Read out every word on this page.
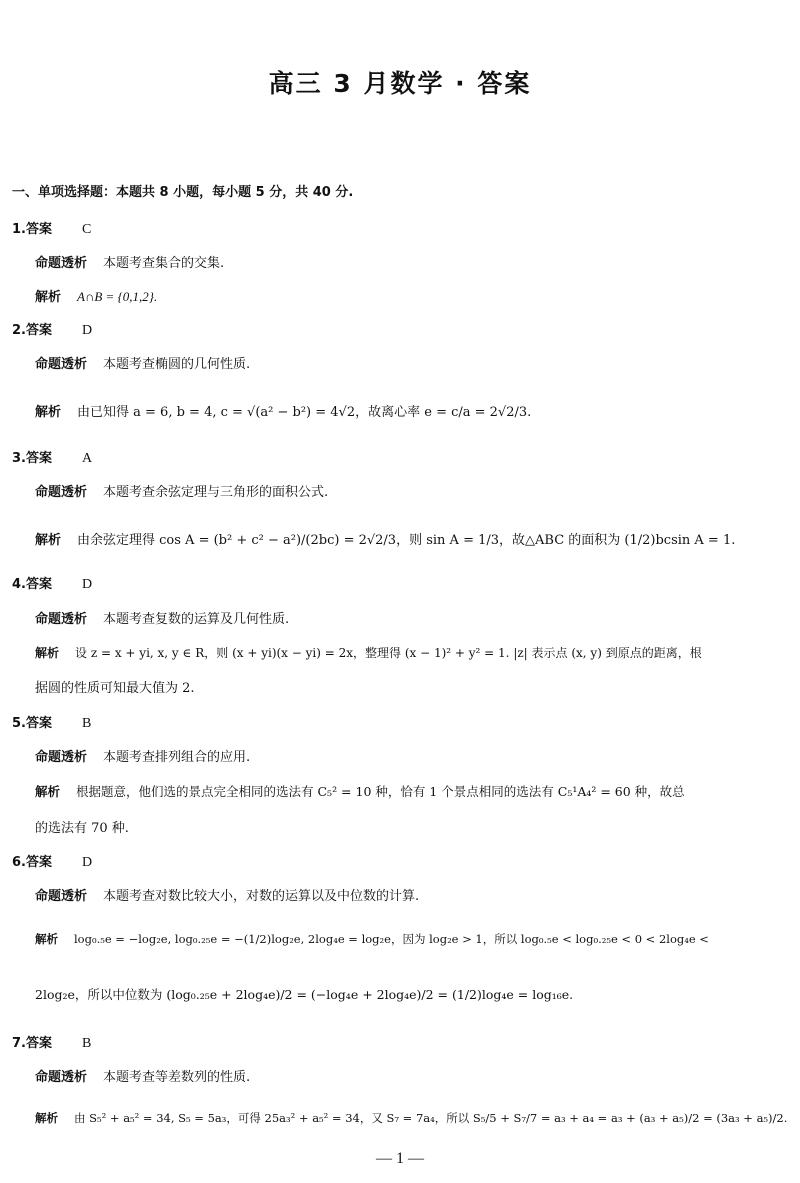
高三 3 月数学 · 答案
一、单项选择题：本题共 8 小题，每小题 5 分，共 40 分.
1.答案 C
命题透析 本题考查集合的交集.
解析 A∩B = {0,1,2}.
2.答案 D
命题透析 本题考查椭圆的几何性质.
解析 由已知得 a = 6, b = 4, c = √(a² − b²) = 4√2，故离心率 e = c/a = 2√2/3.
3.答案 A
命题透析 本题考查余弦定理与三角形的面积公式.
解析 由余弦定理得 cos A = (b² + c² − a²)/(2bc) = 2√2/3，则 sin A = 1/3，故△ABC 的面积为 (1/2)bcsin A = 1.
4.答案 D
命题透析 本题考查复数的运算及几何性质.
解析 设 z = x + yi, x, y ∈ R，则 (x + yi)(x − yi) = 2x，整理得 (x − 1)² + y² = 1. |z| 表示点 (x, y) 到原点的距离，根
据圆的性质可知最大值为 2.
5.答案 B
命题透析 本题考查排列组合的应用.
解析 根据题意，他们选的景点完全相同的选法有 C₅² = 10 种，恰有 1 个景点相同的选法有 C₅¹A₄² = 60 种，故总
的选法有 70 种.
6.答案 D
命题透析 本题考查对数比较大小，对数的运算以及中位数的计算.
解析 log₀.₅e = −log₂e, log₀.₂₅e = −(1/2)log₂e, 2log₄e = log₂e，因为 log₂e > 1，所以 log₀.₅e < log₀.₂₅e < 0 < 2log₄e <
2log₂e，所以中位数为 (log₀.₂₅e + 2log₄e)/2 = (−log₄e + 2log₄e)/2 = (1/2)log₄e = log₁₆e.
7.答案 B
命题透析 本题考查等差数列的性质.
解析 由 S₅² + a₅² = 34, S₅ = 5a₃，可得 25a₃² + a₅² = 34，又 S₇ = 7a₄，所以 S₅/5 + S₇/7 = a₃ + a₄ = a₃ + (a₃ + a₅)/2 = (3a₃ + a₅)/2.
— 1 —
